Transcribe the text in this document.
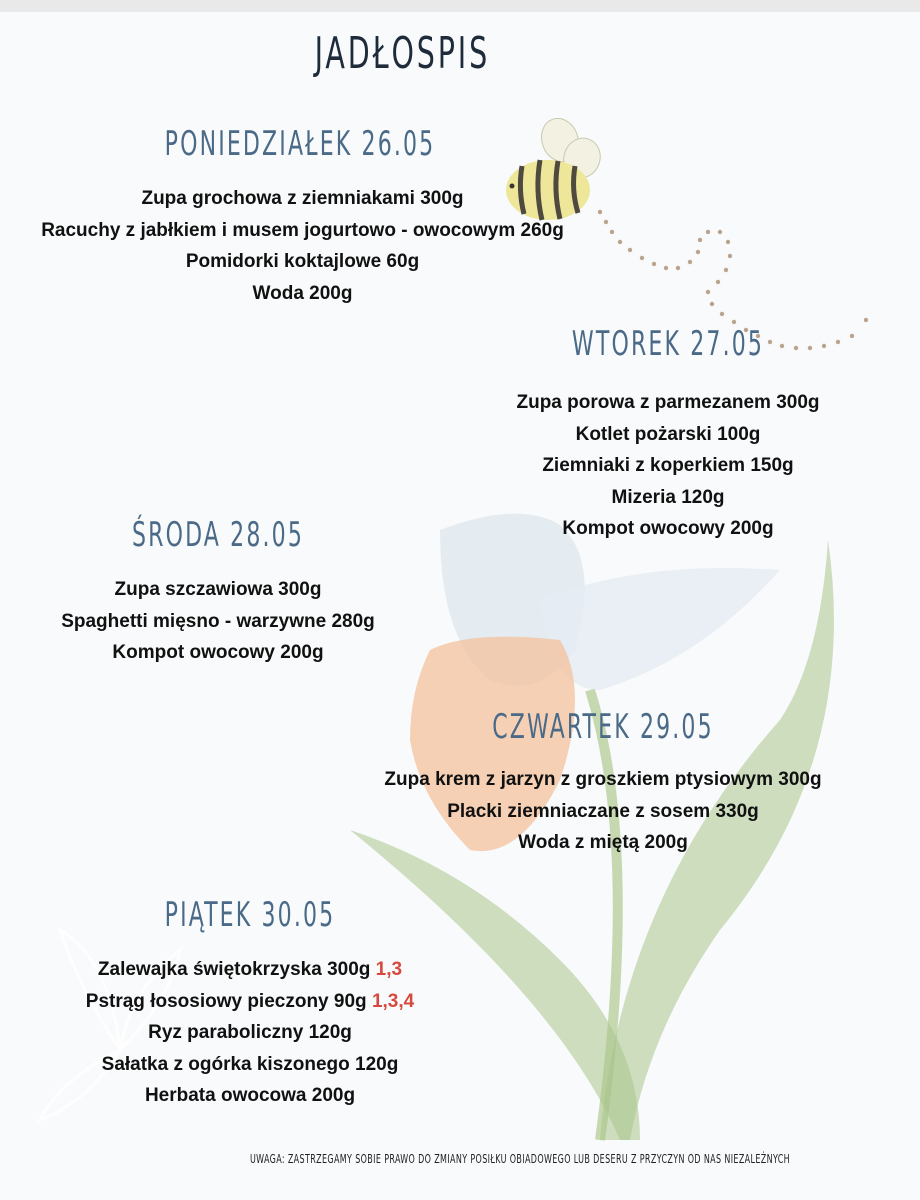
JADŁOSPIS
PONIEDZIAŁEK 26.05
Zupa grochowa z ziemniakami 300g
Racuchy z jabłkiem i musem jogurtowo - owocowym 260g
Pomidorki koktajlowe 60g
Woda 200g
WTOREK 27.05
Zupa porowa z parmezanem 300g
Kotlet pożarski 100g
Ziemniaki z koperkiem 150g
Mizeria 120g
Kompot owocowy 200g
ŚRODA 28.05
Zupa szczawiowa 300g
Spaghetti mięsno - warzywne 280g
Kompot owocowy 200g
CZWARTEK 29.05
Zupa krem z jarzyn z groszkiem ptysiowym 300g
Placki ziemniaczane z sosem 330g
Woda z miętą 200g
PIĄTEK 30.05
Zalewajka świętokrzyska 300g 1,3
Pstrąg łososiowy pieczony 90g 1,3,4
Ryz paraboliczny 120g
Sałatka z ogórka kiszonego 120g
Herbata owocowa 200g
UWAGA: ZASTRZEGAMY SOBIE PRAWO DO ZMIANY POSIŁKU OBIADOWEGO LUB DESERU Z PRZYCZYN OD NAS NIEZALEŻNYCH
